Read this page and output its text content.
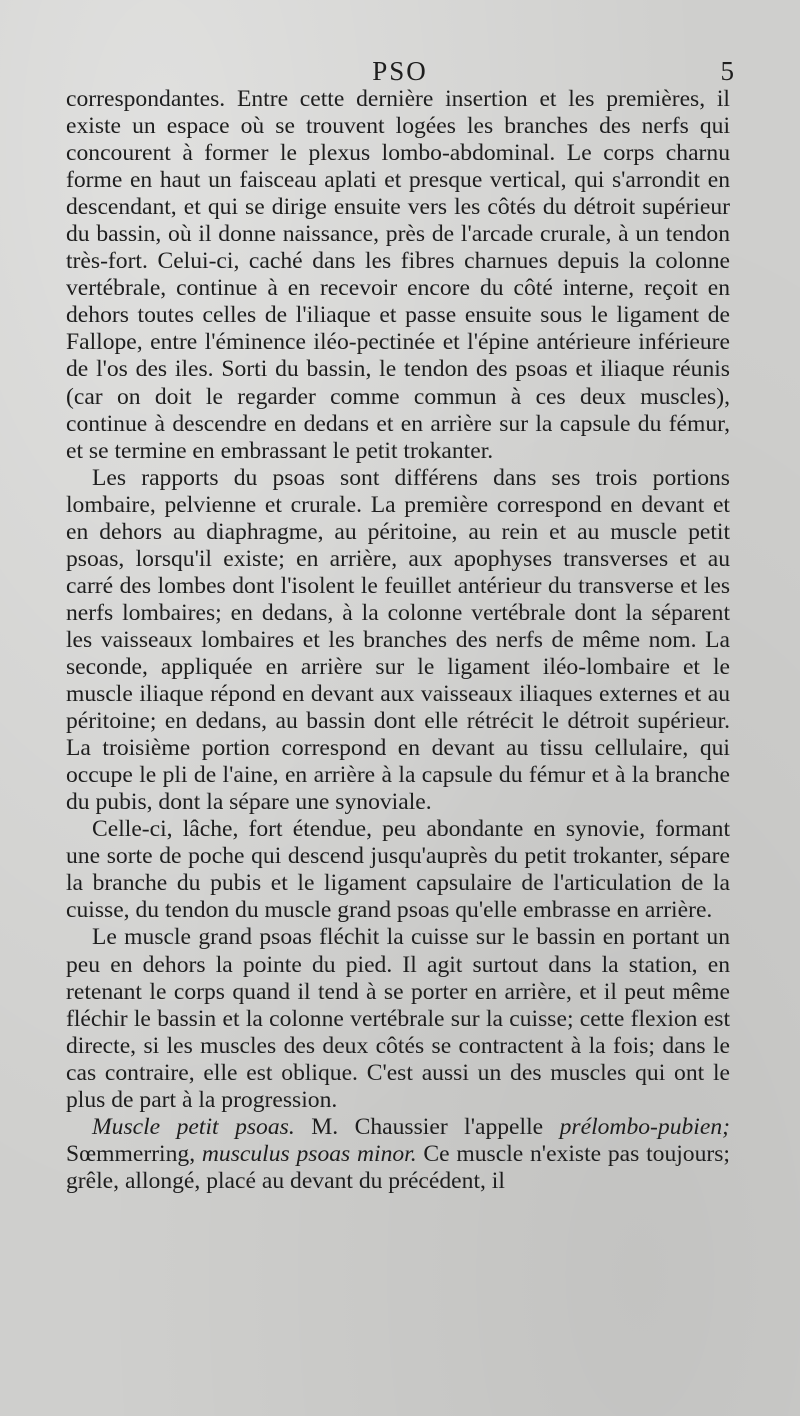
PSO	5

correspondantes. Entre cette dernière insertion et les premières, il existe un espace où se trouvent logées les branches des nerfs qui concourent à former le plexus lombo-abdominal. Le corps charnu forme en haut un faisceau aplati et presque vertical, qui s'arrondit en descendant, et qui se dirige ensuite vers les côtés du détroit supérieur du bassin, où il donne naissance, près de l'arcade crurale, à un tendon très-fort. Celui-ci, caché dans les fibres charnues depuis la colonne vertébrale, continue à en recevoir encore du côté interne, reçoit en dehors toutes celles de l'iliaque et passe ensuite sous le ligament de Fallope, entre l'éminence iléo-pectinée et l'épine antérieure inférieure de l'os des iles. Sorti du bassin, le tendon des psoas et iliaque réunis (car on doit le regarder comme commun à ces deux muscles), continue à descendre en dedans et en arrière sur la capsule du fémur, et se termine en embrassant le petit trokanter.

Les rapports du psoas sont différens dans ses trois portions lombaire, pelvienne et crurale. La première correspond en devant et en dehors au diaphragme, au péritoine, au rein et au muscle petit psoas, lorsqu'il existe; en arrière, aux apophyses transverses et au carré des lombes dont l'isolent le feuillet antérieur du transverse et les nerfs lombaires; en dedans, à la colonne vertébrale dont la séparent les vaisseaux lombaires et les branches des nerfs de même nom. La seconde, appliquée en arrière sur le ligament iléo-lombaire et le muscle iliaque répond en devant aux vaisseaux iliaques externes et au péritoine; en dedans, au bassin dont elle rétrécit le détroit supérieur. La troisième portion correspond en devant au tissu cellulaire, qui occupe le pli de l'aine, en arrière à la capsule du fémur et à la branche du pubis, dont la sépare une synoviale.

Celle-ci, lâche, fort étendue, peu abondante en synovie, formant une sorte de poche qui descend jusqu'auprès du petit trokanter, sépare la branche du pubis et le ligament capsulaire de l'articulation de la cuisse, du tendon du muscle grand psoas qu'elle embrasse en arrière.

Le muscle grand psoas fléchit la cuisse sur le bassin en portant un peu en dehors la pointe du pied. Il agit surtout dans la station, en retenant le corps quand il tend à se porter en arrière, et il peut même fléchir le bassin et la colonne vertébrale sur la cuisse; cette flexion est directe, si les muscles des deux côtés se contractent à la fois; dans le cas contraire, elle est oblique. C'est aussi un des muscles qui ont le plus de part à la progression.

Muscle petit psoas. M. Chaussier l'appelle prélombo-pubien; Sœmmerring, musculus psoas minor. Ce muscle n'existe pas toujours; grêle, allongé, placé au devant du précédent, il
